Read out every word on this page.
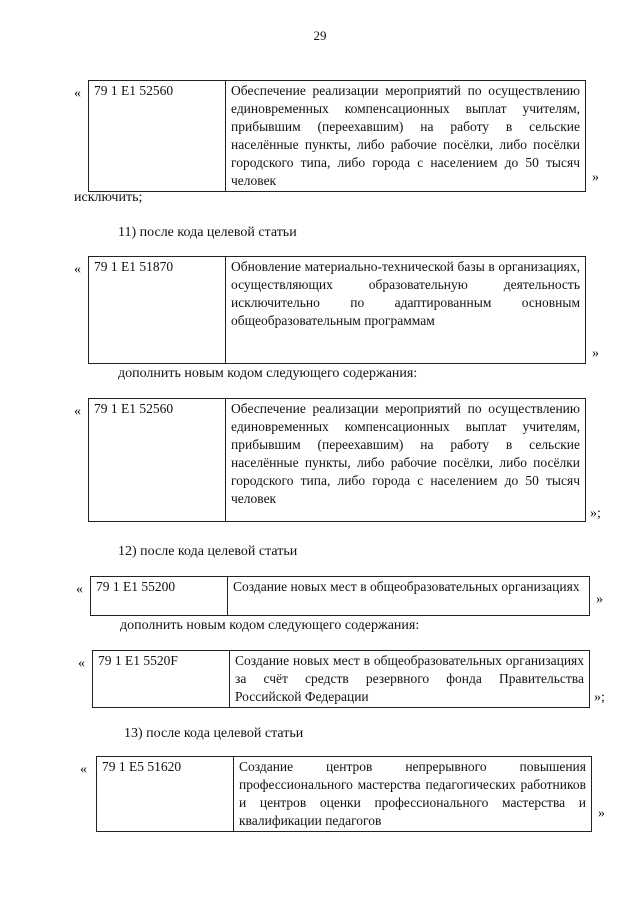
29
« 79 1 E1 52560	Обеспечение реализации мероприятий по осуществлению единовременных компенсационных выплат учителям, прибывшим (переехавшим) на работу в сельские населённые пункты, либо рабочие посёлки, либо посёлки городского типа, либо города с населением до 50 тысяч человек	»
исключить;
11) после кода целевой статьи
« 79 1 E1 51870	Обновление материально-технической базы в организациях, осуществляющих образовательную деятельность исключительно по адаптированным основным общеобразовательным программам
»
дополнить новым кодом следующего содержания:
« 79 1 E1 52560	Обеспечение реализации мероприятий по осуществлению единовременных компенсационных выплат учителям, прибывшим (переехавшим) на работу в сельские населённые пункты, либо рабочие посёлки, либо посёлки городского типа, либо города с населением до 50 тысяч человек
»;
12) после кода целевой статьи
« 79 1 E1 55200	Создание новых мест в общеобразовательных организациях
»
дополнить новым кодом следующего содержания:
« 79 1 E1 5520F	Создание новых мест в общеобразовательных организациях за счёт средств резервного фонда Правительства Российской Федерации	»;
13) после кода целевой статьи
« 79 1 E5 51620	Создание центров непрерывного повышения профессионального мастерства педагогических работников и центров оценки профессионального мастерства и квалификации педагогов	»
